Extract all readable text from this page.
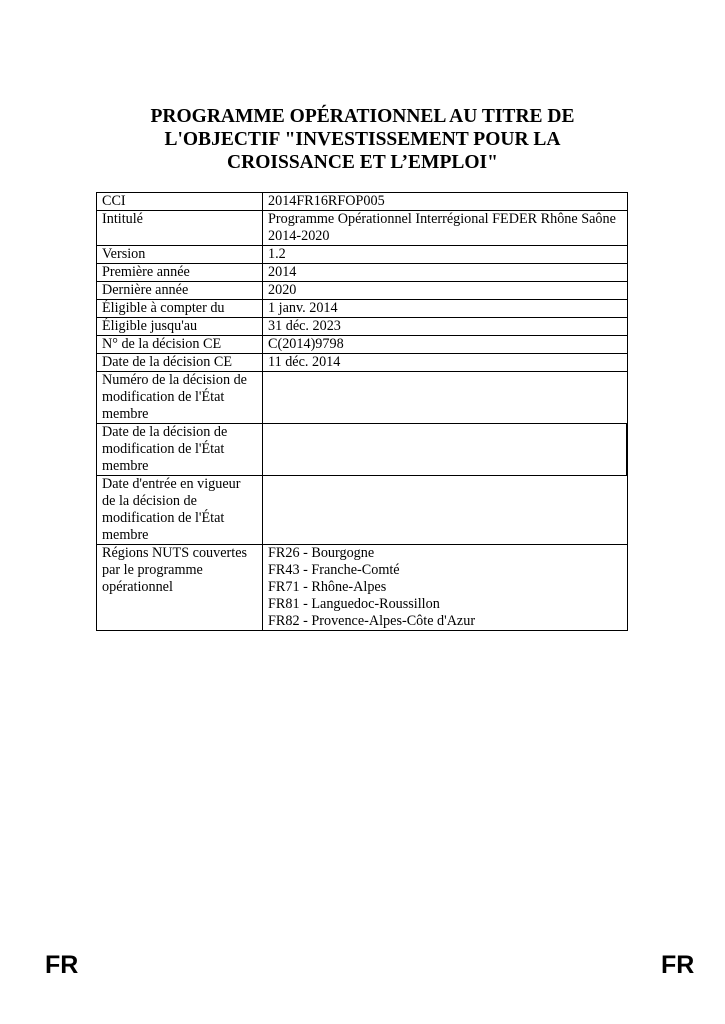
PROGRAMME OPÉRATIONNEL AU TITRE DE
L'OBJECTIF "INVESTISSEMENT POUR LA
CROISSANCE ET L’EMPLOI"
CCI	2014FR16RFOP005

Intitulé	Programme Opérationnel Interrégional FEDER Rhône Saône 2014-2020

Version	1.2

Première année	2014

Dernière année	2020

Éligible à compter du	1 janv. 2014

Éligible jusqu'au	31 déc. 2023

N° de la décision CE	C(2014)9798

Date de la décision CE	11 déc. 2014

Numéro de la décision de
modification de l'État
membre	

Date de la décision de
modification de l'État
membre	

Date d'entrée en vigueur
de la décision de
modification de l'État
membre	

Régions NUTS couvertes
par le programme
opérationnel	FR26 - Bourgogne
FR43 - Franche-Comté
FR71 - Rhône-Alpes
FR81 - Languedoc-Roussillon
FR82 - Provence-Alpes-Côte d'Azur
FR	FR
